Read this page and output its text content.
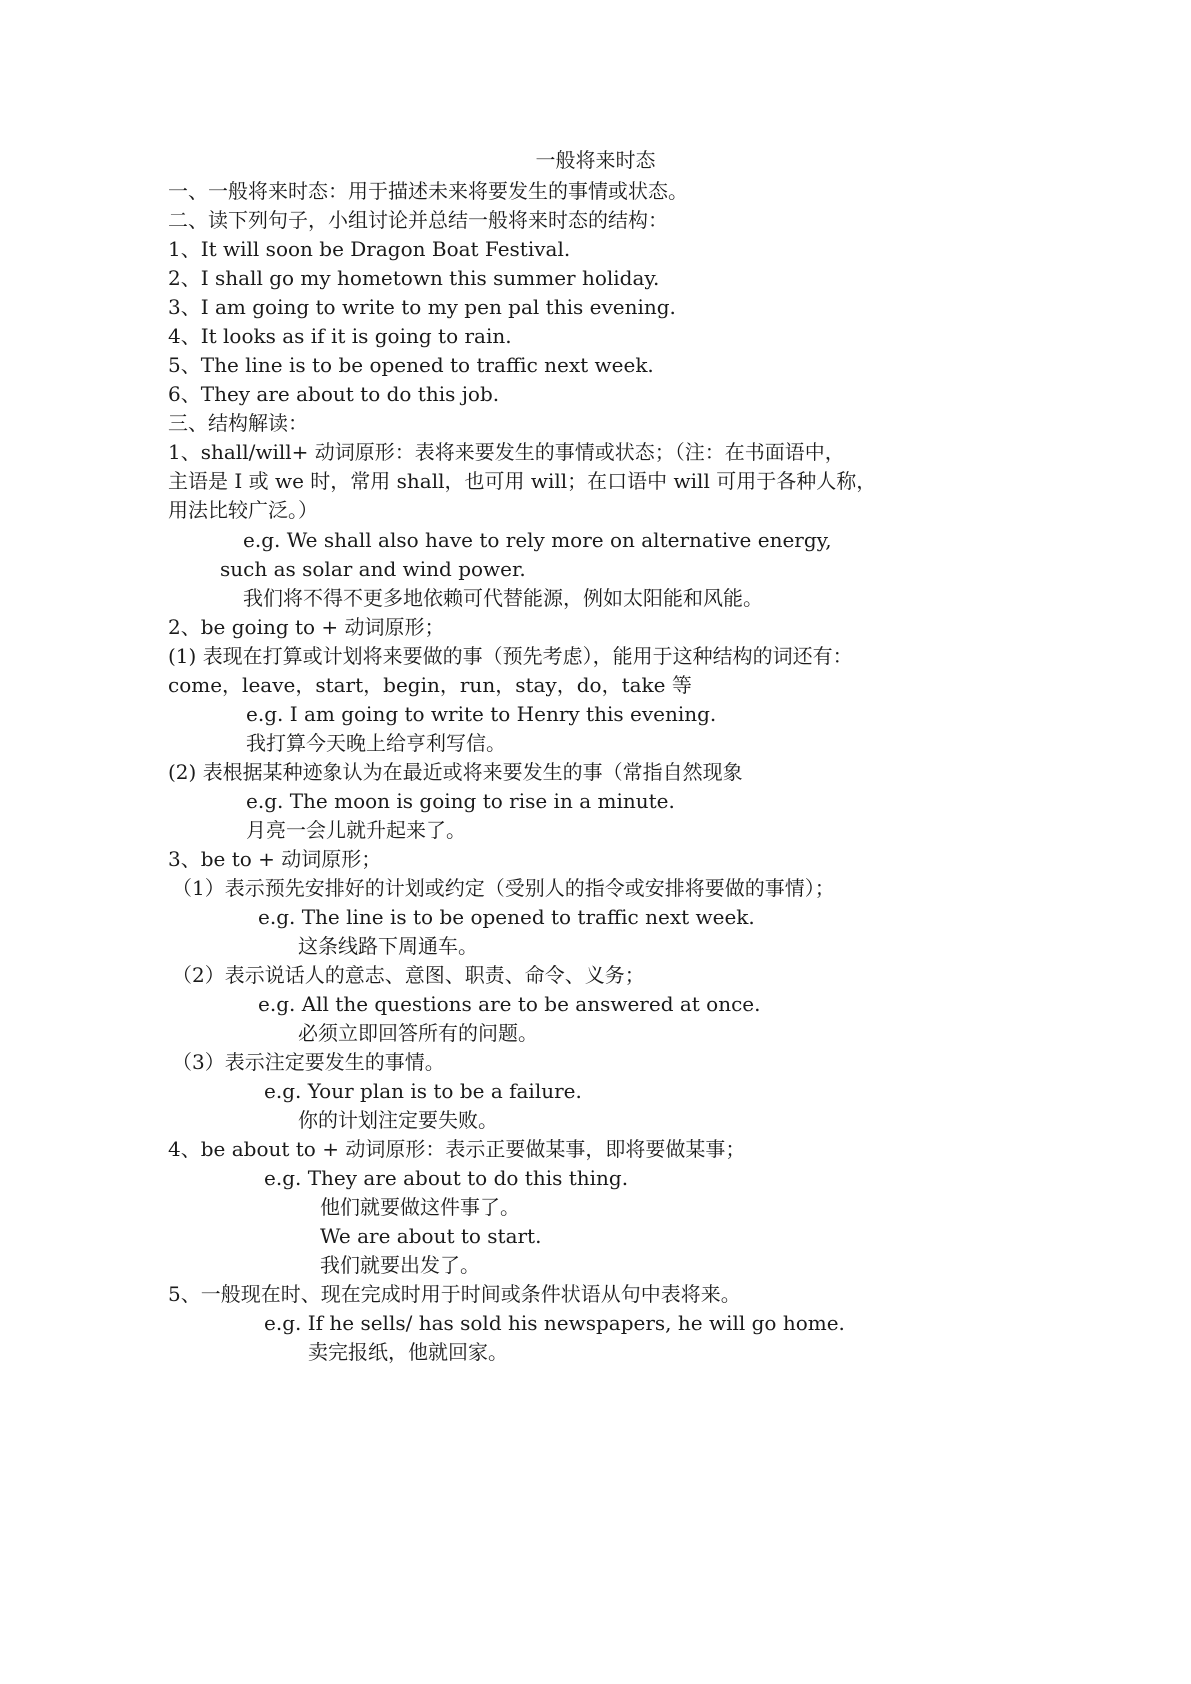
一般将来时态
一、一般将来时态：用于描述未来将要发生的事情或状态。
二、读下列句子，小组讨论并总结一般将来时态的结构：
1、It will soon be Dragon Boat Festival.
2、I shall go my hometown this summer holiday.
3、I am going to write to my pen pal this evening.
4、It looks as if it is going to rain.
5、The line is to be opened to traffic next week.
6、They are about to do this job.
三、结构解读：
1、shall/will+ 动词原形：表将来要发生的事情或状态；（注：在书面语中，
主语是 I 或 we 时，常用 shall，也可用 will；在口语中 will 可用于各种人称，
用法比较广泛。）
e.g. We shall also have to rely more on alternative energy,
such as solar and wind power.
我们将不得不更多地依赖可代替能源，例如太阳能和风能。
2、be going to + 动词原形；
(1) 表现在打算或计划将来要做的事（预先考虑），能用于这种结构的词还有：
come，leave，start，begin，run，stay，do，take 等
e.g. I am going to write to Henry this evening.
我打算今天晚上给亨利写信。
(2) 表根据某种迹象认为在最近或将来要发生的事（常指自然现象
e.g. The moon is going to rise in a minute.
月亮一会儿就升起来了。
3、be to + 动词原形；
（1）表示预先安排好的计划或约定（受别人的指令或安排将要做的事情）；
e.g. The line is to be opened to traffic next week.
这条线路下周通车。
（2）表示说话人的意志、意图、职责、命令、义务；
e.g. All the questions are to be answered at once.
必须立即回答所有的问题。
（3）表示注定要发生的事情。
e.g. Your plan is to be a failure.
你的计划注定要失败。
4、be about to + 动词原形：表示正要做某事，即将要做某事；
e.g. They are about to do this thing.
他们就要做这件事了。
We are about to start.
我们就要出发了。
5、一般现在时、现在完成时用于时间或条件状语从句中表将来。
e.g. If he sells/ has sold his newspapers, he will go home.
卖完报纸，他就回家。
